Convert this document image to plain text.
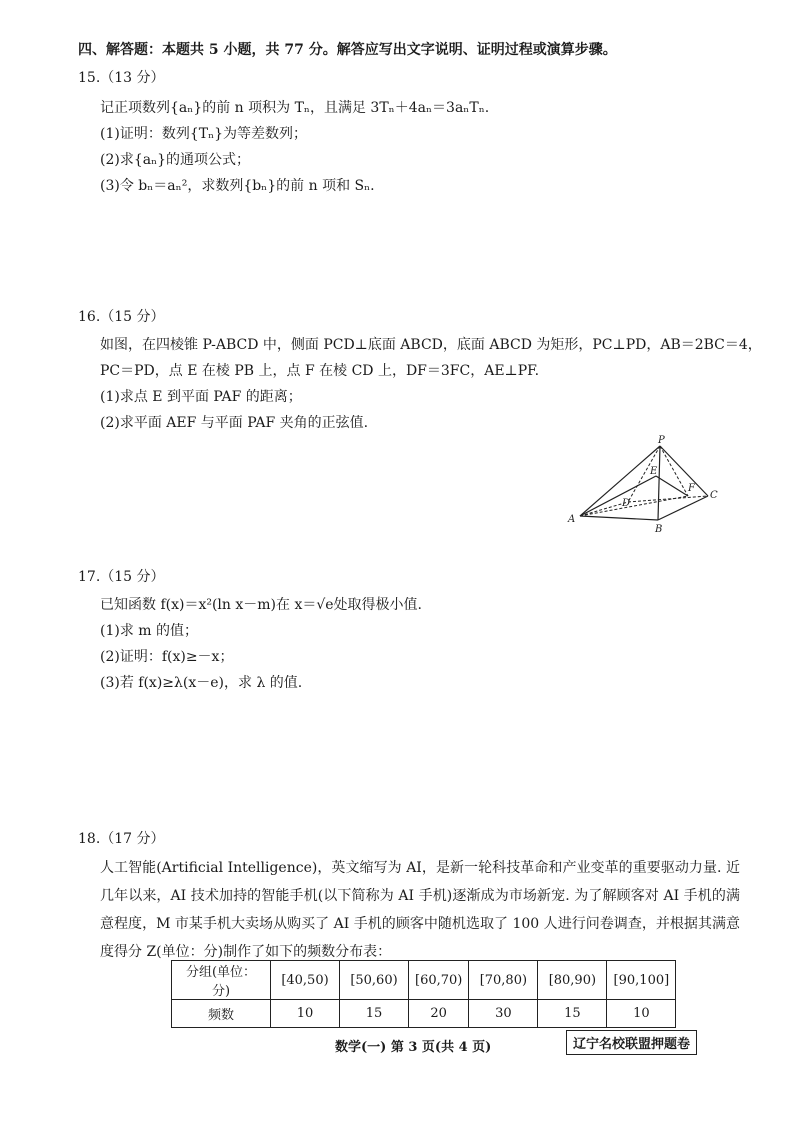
四、解答题：本题共 5 小题，共 77 分。解答应写出文字说明、证明过程或演算步骤。
15.（13 分）
记正项数列{aₙ}的前 n 项积为 Tₙ，且满足 3Tₙ＋4aₙ＝3aₙTₙ.
(1)证明：数列{Tₙ}为等差数列；
(2)求{aₙ}的通项公式；
(3)令 bₙ＝aₙ²，求数列{bₙ}的前 n 项和 Sₙ.
16.（15 分）
如图，在四棱锥 P-ABCD 中，侧面 PCD⊥底面 ABCD，底面 ABCD 为矩形，PC⊥PD，AB＝2BC＝4，
PC＝PD，点 E 在棱 PB 上，点 F 在棱 CD 上，DF＝3FC，AE⊥PF.
(1)求点 E 到平面 PAF 的距离；
(2)求平面 AEF 与平面 PAF 夹角的正弦值.
P
E
F
C
D
A
B
17.（15 分）
已知函数 f(x)＝x²(ln x－m)在 x＝√e处取得极小值.
(1)求 m 的值；
(2)证明：f(x)≥－x；
(3)若 f(x)≥λ(x－e)，求 λ 的值.
18.（17 分）
人工智能(Artificial Intelligence)，英文缩写为 AI，是新一轮科技革命和产业变革的重要驱动力量. 近几年以来，AI 技术加持的智能手机(以下简称为 AI 手机)逐渐成为市场新宠. 为了解顾客对 AI 手机的满意程度，M 市某手机大卖场从购买了 AI 手机的顾客中随机选取了 100 人进行问卷调查，并根据其满意度得分 Z(单位：分)制作了如下的频数分布表：
分组(单位：分)	[40,50)	[50,60)	[60,70)	[70,80)	[80,90)	[90,100]
频数	10	15	20	30	15	10
数学(一) 第 3 页(共 4 页)	辽宁名校联盟押题卷
